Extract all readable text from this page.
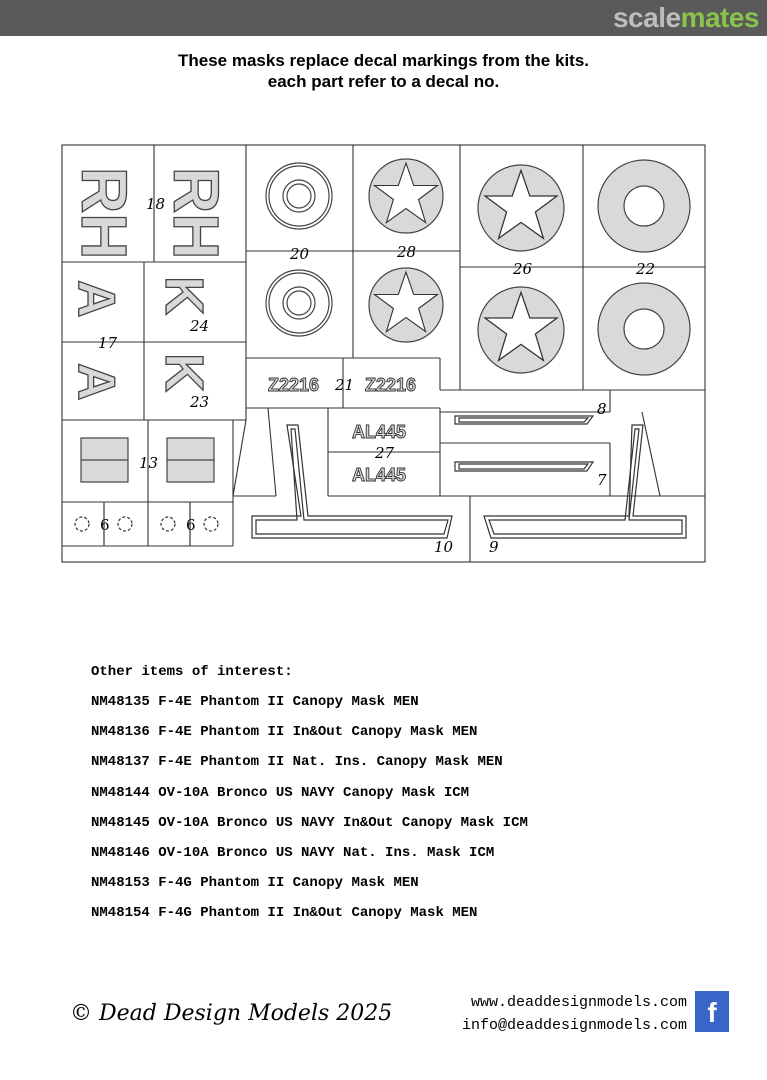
scalemates
These masks replace decal markings from the kits.
each part refer to a decal no.
RH RH
A
A
K
K
6	6
Z2216	Z2216
AL445
AL445
18
17
24
23
13
20	28
26	22
21
27
8
7
10 9
Other items of interest:
NM48135 F-4E Phantom II Canopy Mask MEN
NM48136 F-4E Phantom II In&Out Canopy Mask MEN
NM48137 F-4E Phantom II Nat. Ins. Canopy Mask MEN
NM48144 OV-10A Bronco US NAVY Canopy Mask ICM
NM48145 OV-10A Bronco US NAVY In&Out Canopy Mask ICM
NM48146 OV-10A Bronco US NAVY Nat. Ins. Mask ICM
NM48153 F-4G Phantom II Canopy Mask MEN
NM48154 F-4G Phantom II In&Out Canopy Mask MEN
© Dead Design Models 2025	www.deaddesignmodels.com
info@deaddesignmodels.com f
